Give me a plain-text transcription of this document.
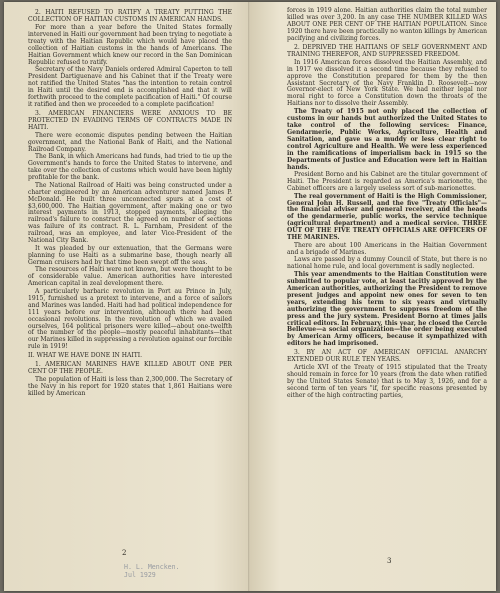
2. HAITI REFUSED TO RATIFY A TREATY PUTTING THE COLLECTION OF HAITIAN CUSTOMS IN AMERICAN HANDS.

For more than a year before the United States formally intervened in Haiti our government had been trying to negotiate a treaty with the Haitian Republic which would have placed the collection of Haitian customs in the hands of Americans. The Haitian Government which knew our record in the San Dominican Republic refused to ratify.

Secretary of the Navy Daniels ordered Admiral Caperton to tell President Dartiguenave and his Cabinet that if the Treaty were not ratified the United States "has the intention to retain control in Haiti until the desired end is accomplished and that it will forthwith proceed to the complete pacification of Haiti." Of course it ratified and then we proceeded to a complete pacification!

3. AMERICAN FINANCIERS WERE ANXIOUS TO BE PROTECTED IN EVADING TERMS OF CONTRACTS MADE IN HAITI.

There were economic disputes pending between the Haitian government, and the National Bank of Haiti, and the National Railroad Company.

The Bank, in which Americans had funds, had tried to tie up the Government's hands to force the United States to intervene, and take over the collection of customs which would have been highly profitable for the bank.

The National Railroad of Haiti was being constructed under a charter engineered by an American adventurer named James P. McDonald. He built three unconnected spurs at a cost of $3,600,000. The Haitian government, after making one or two interest payments in 1913, stopped payments, alleging the railroad's failure to construct the agreed on number of sections was failure of its contract. R. L. Farnham, President of the railroad, was an employee, and later Vice-President of the National City Bank.

It was pleaded by our extenuation, that the Germans were planning to use Haiti as a submarine base, though nearly all German cruisers had by that time been swept off the seas.

The resources of Haiti were not known, but were thought to be of considerable value. American authorities have interested American capital in zeal development there.

A particularly barbaric revolution in Port au Prince in July, 1915, furnished us a pretext to intervene, and a force of sailors and Marines was landed. Haiti had had political independence for 111 years before our intervention, although there had been occasional revolutions. In the revolution of which we availed ourselves, 164 political prisoners were killed—about one-twelfth of the number of the people—mostly peaceful inhabitants—that our Marines killed in suppressing a revolution against our forcible rule in 1919!

II. WHAT WE HAVE DONE IN HAITI.

1. AMERICAN MARINES HAVE KILLED ABOUT ONE PER CENT OF THE PEOPLE.

The population of Haiti is less than 2,300,000. The Secretary of the Navy in his report for 1920 states that 1,861 Haitians were killed by American

2
H. L. Mencken.
Jul 1929

forces in 1919 alone. Haitian authorities claim the total number killed was over 3,200. In any case THE NUMBER KILLED WAS ABOUT ONE PER CENT OF THE HAITIAN POPULATION. Since 1920 there have been practically no wanton killings by American pacifying and civilizing forces.

2. DEPRIVED THE HAITIANS OF SELF GOVERNMENT AND TRAINING THEREFOR, AND SUPPRESSED FREEDOM.

In 1916 American forces dissolved the Haitian Assembly, and in 1917 we dissolved it a second time because they refused to approve the Constitution prepared for them by the then Assistant Secretary of the Navy Franklin D. Roosevelt—now Governor-elect of New York State. We had neither legal nor moral right to force a Constitution down the throats of the Haitians nor to dissolve their Assembly.

The Treaty of 1915 not only placed the collection of customs in our hands but authorized the United States to take control of the following services: Finance, Gendarmerie, Public Works, Agriculture, Health and Sanitation, and gave us a muddy or less clear right to control Agriculture and Health. We were less experienced in the ramifications of imperialism back in 1915 so the Departments of Justice and Education were left in Haitian hands.

President Borno and his Cabinet are the titular government of Haiti. The President is regarded as America's marionette, the Cabinet officers are a largely useless sort of sub-marionettes.

The real government of Haiti is the High Commissioner, General John H. Russell, and the five "Treaty Officials"—the financial adviser and general receiver, and the heads of the gendarmerie, public works, the service technique (agricultural department) and a medical service. THREE OUT OF THE FIVE TREATY OFFICIALS ARE OFFICERS OF THE MARINES.

There are about 100 Americans in the Haitian Government and a brigade of Marines.

Laws are passed by a dummy Council of State, but there is no national home rule, and local government is sadly neglected.

This year amendments to the Haitian Constitution were submitted to popular vote, at least tacitly approved by the American authorities, authorizing the President to remove present judges and appoint new ones for seven to ten years, extending his term to six years and virtually authorizing the government to suppress freedom of the press and the jury system. President Borno at times jails critical editors. In February, this year, he closed the Cercle Bellevue—a social organization—the order being executed by American Army officers, because it sympathized with editors he had imprisoned.

3. BY AN ACT OF AMERICAN OFFICIAL ANARCHY EXTENDED OUR RULE TEN YEARS.

Article XVI of the Treaty of 1915 stipulated that the Treaty should remain in force for 10 years (from the date when ratified by the United States Senate) that is to May 3, 1926, and for a second term of ten years "if, for specific reasons presented by either of the high contracting parties,

3
